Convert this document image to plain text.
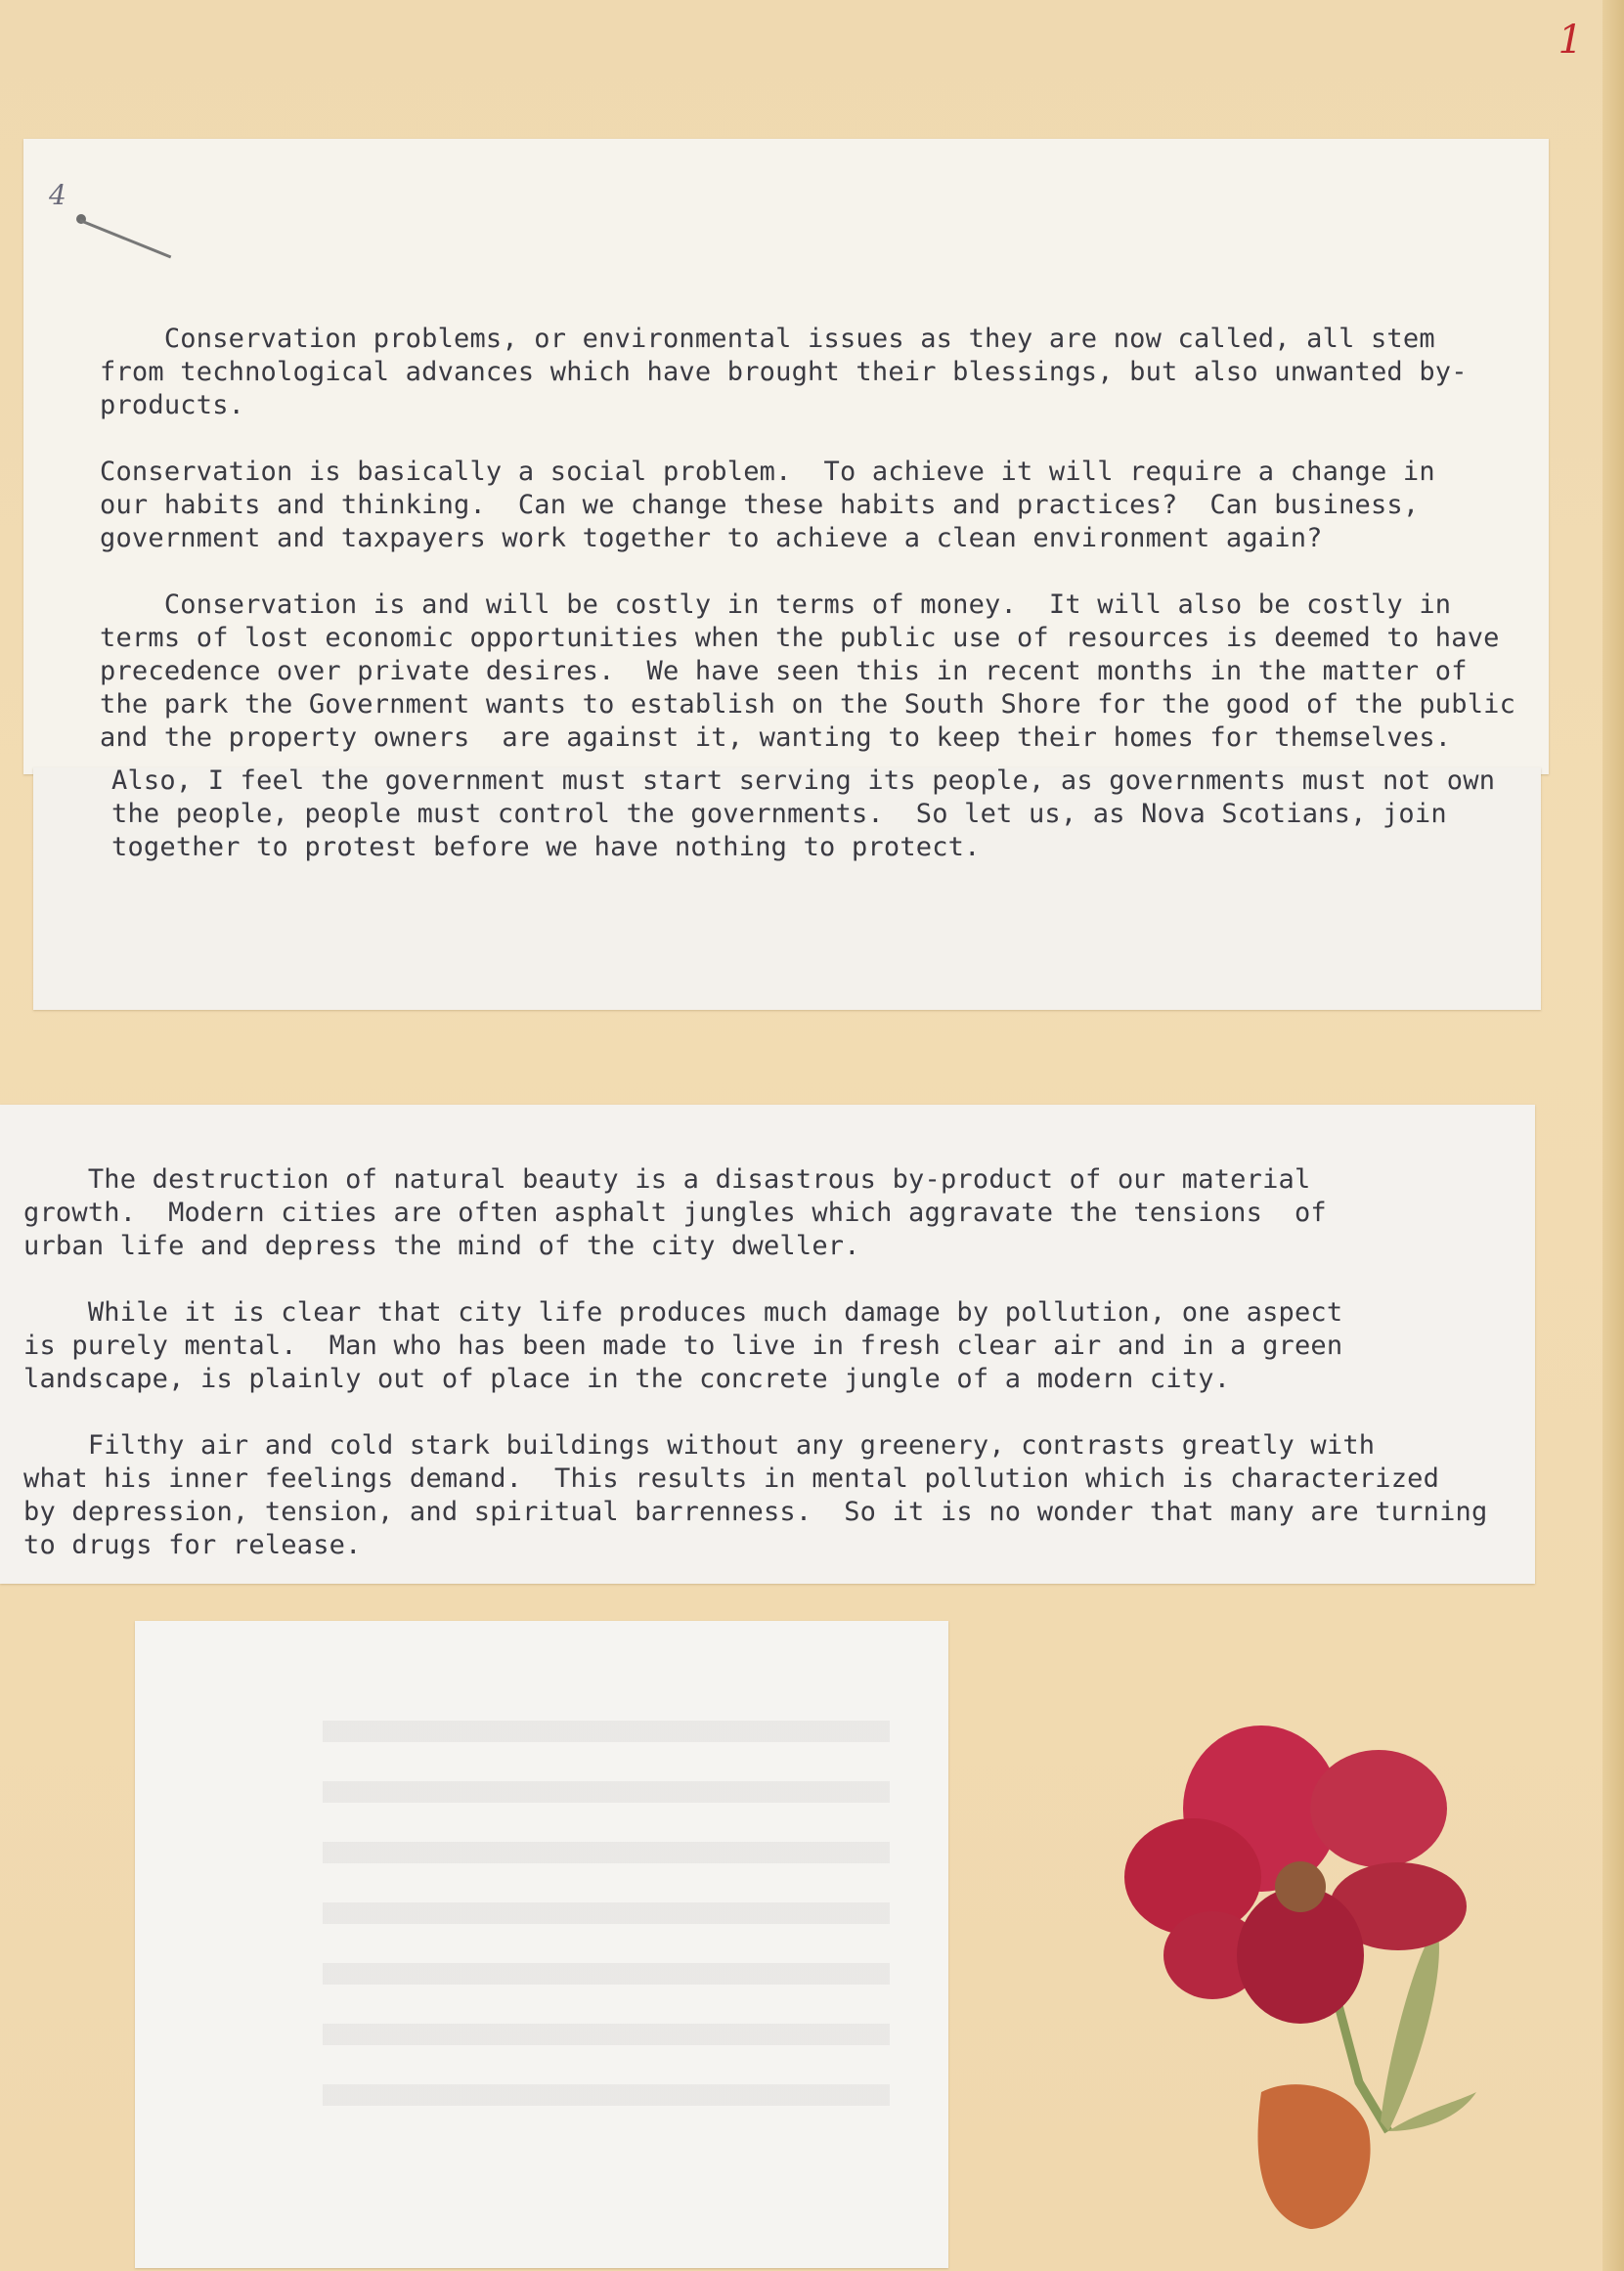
1
4
Conservation problems, or environmental issues as they are now called, all stem
from technological advances which have brought their blessings, but also unwanted by-
products.

Conservation is basically a social problem.  To achieve it will require a change in
our habits and thinking.  Can we change these habits and practices?  Can business,
government and taxpayers work together to achieve a clean environment again?

Conservation is and will be costly in terms of money.  It will also be costly in
terms of lost economic opportunities when the public use of resources is deemed to have
precedence over private desires.  We have seen this in recent months in the matter of
the park the Government wants to establish on the South Shore for the good of the public
and the property owners  are against it, wanting to keep their homes for themselves.
Also, I feel the government must start serving its people, as governments must not own
the people, people must control the governments.  So let us, as Nova Scotians, join
together to protest before we have nothing to protect.
The destruction of natural beauty is a disastrous by-product of our material
growth.  Modern cities are often asphalt jungles which aggravate the tensions  of
urban life and depress the mind of the city dweller.

While it is clear that city life produces much damage by pollution, one aspect
is purely mental.  Man who has been made to live in fresh clear air and in a green
landscape, is plainly out of place in the concrete jungle of a modern city.

Filthy air and cold stark buildings without any greenery, contrasts greatly with
what his inner feelings demand.  This results in mental pollution which is characterized
by depression, tension, and spiritual barrenness.  So it is no wonder that many are turning
to drugs for release.
